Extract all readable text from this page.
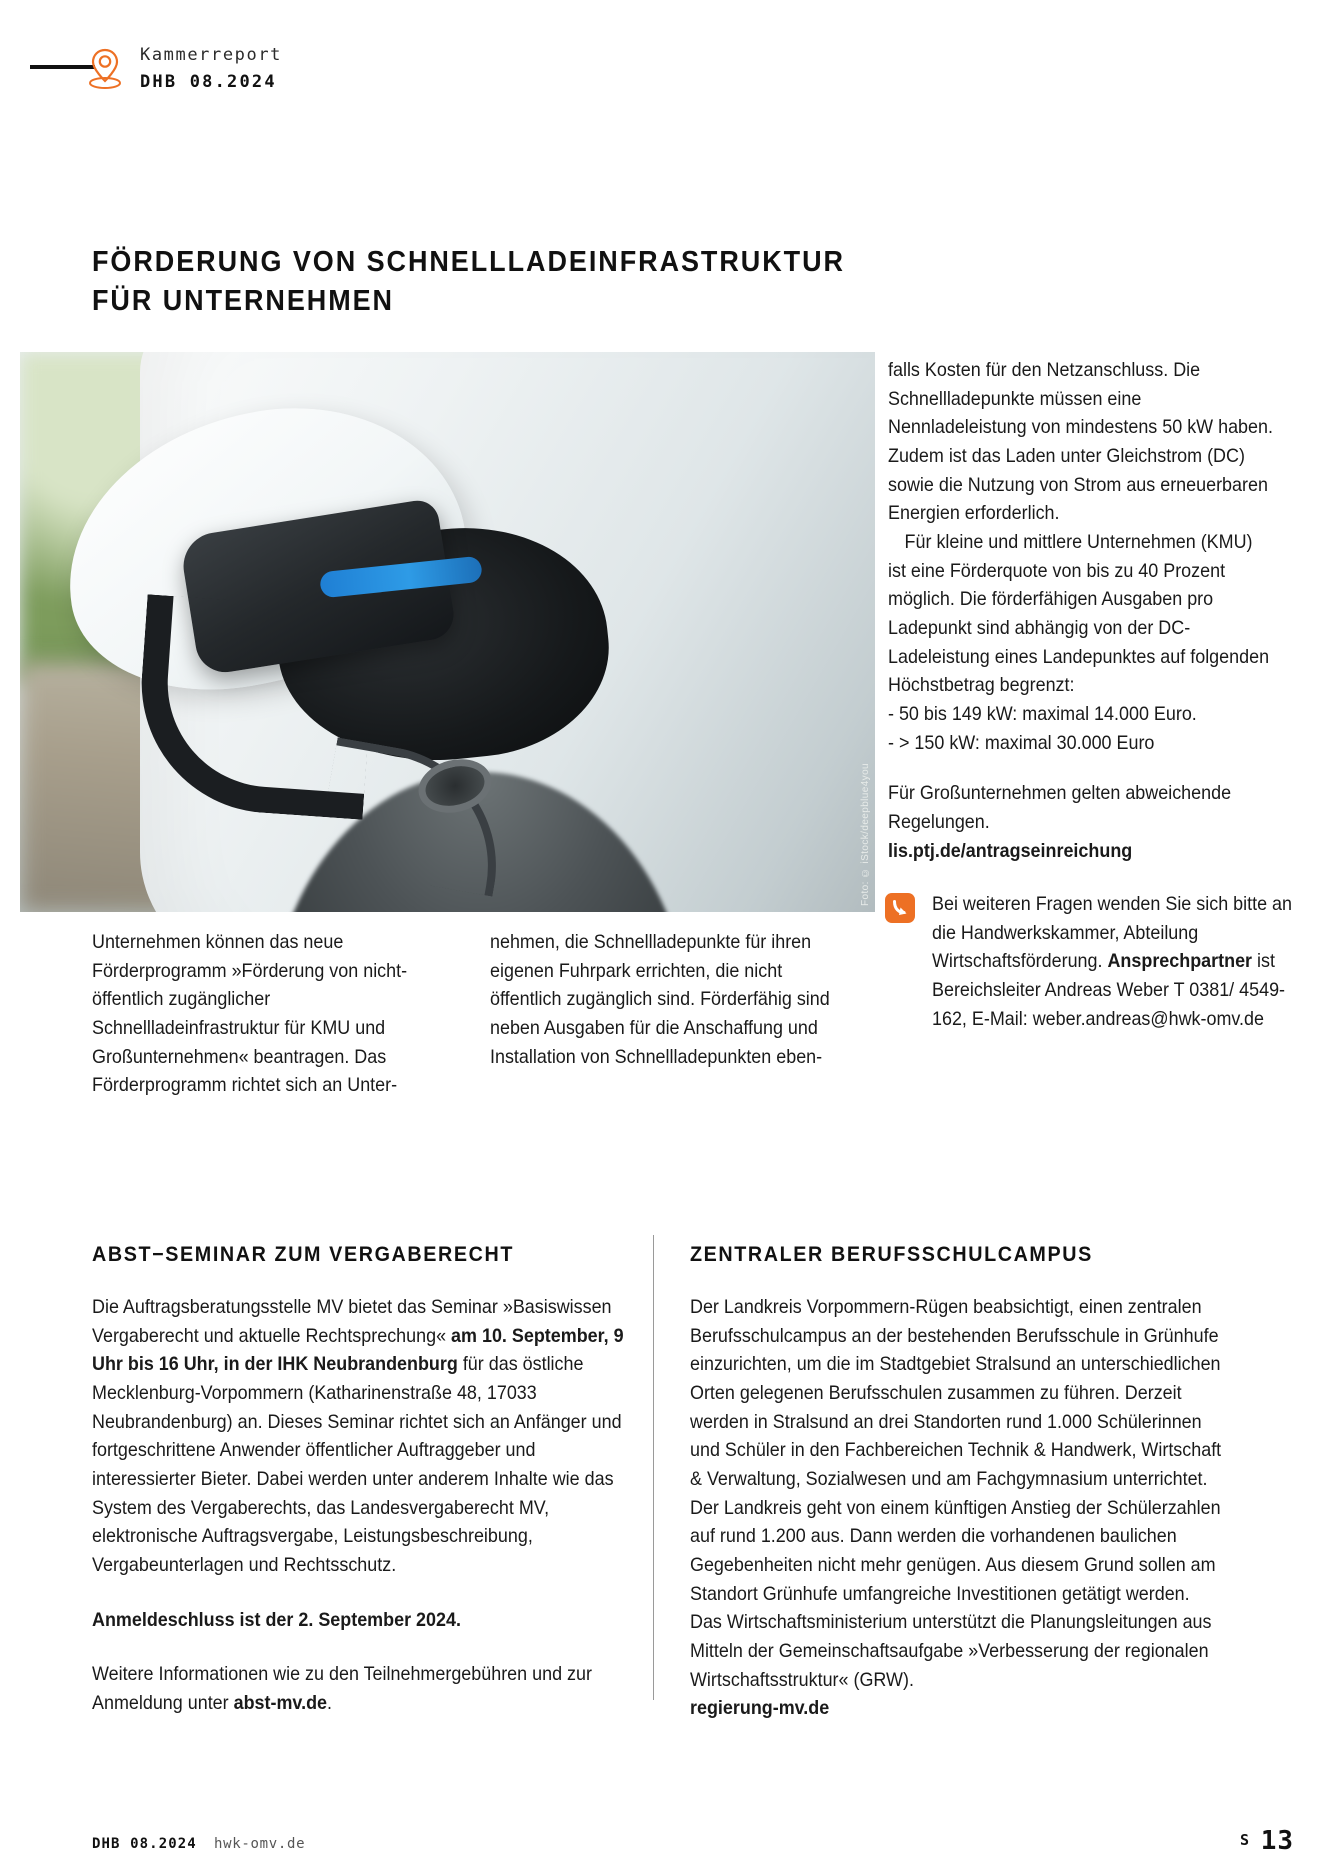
Kammerreport
DHB 08.2024
FÖRDERUNG VON SCHNELLLADEINFRASTRUKTUR
FÜR UNTERNEHMEN
Foto: © iStock/deepblue4you

falls Kosten für den Netzanschluss. Die Schnellladepunkte müssen eine Nennladeleistung von mindestens 50 kW haben. Zudem ist das Laden unter Gleichstrom (DC) sowie die Nutzung von Strom aus erneuerbaren Energien erforderlich.

Für kleine und mittlere Unternehmen (KMU) ist eine Förderquote von bis zu 40 Prozent möglich. Die förderfähigen Ausgaben pro Ladepunkt sind abhängig von der DC-Ladeleistung eines Landepunktes auf folgenden Höchstbetrag begrenzt:

- 50 bis 149 kW: maximal 14.000 Euro.

- > 150 kW: maximal 30.000 Euro

Für Großunternehmen gelten abweichende Regelungen.

lis.ptj.de/antragseinreichung

Bei weiteren Fragen wenden Sie sich bitte an die Handwerkskammer, Abteilung Wirtschaftsförderung. Ansprechpartner ist Bereichsleiter Andreas Weber T 0381/ 4549-162, E-Mail: weber.andreas@hwk-omv.de

Unternehmen können das neue Förderprogramm »Förderung von nicht-öffentlich zugänglicher Schnellladeinfrastruktur für KMU und Großunternehmen« beantragen. Das Förderprogramm richtet sich an Unter-

nehmen, die Schnellladepunkte für ihren eigenen Fuhrpark errichten, die nicht öffentlich zugänglich sind. Förderfähig sind neben Ausgaben für die Anschaffung und Installation von Schnellladepunkten eben-

ABST−SEMINAR ZUM VERGABERECHT	ZENTRALER BERUFSSCHULCAMPUS

Die Auftragsberatungsstelle MV bietet das Seminar »Basiswissen Vergaberecht und aktuelle Rechtsprechung« am 10. September, 9 Uhr bis 16 Uhr, in der IHK Neubrandenburg für das östliche Mecklenburg-Vorpommern (Katharinenstraße 48, 17033 Neubrandenburg) an. Dieses Seminar richtet sich an Anfänger und fortgeschrittene Anwender öffentlicher Auftraggeber und interessierter Bieter. Dabei werden unter anderem Inhalte wie das System des Vergaberechts, das Landesvergaberecht MV, elektronische Auftragsvergabe, Leistungsbeschreibung, Vergabeunterlagen und Rechtsschutz.

Anmeldeschluss ist der 2. September 2024.

Weitere Informationen wie zu den Teilnehmergebühren und zur Anmeldung unter abst-mv.de.

Der Landkreis Vorpommern-Rügen beabsichtigt, einen zentralen Berufsschulcampus an der bestehenden Berufsschule in Grünhufe einzurichten, um die im Stadtgebiet Stralsund an unterschiedlichen Orten gelegenen Berufsschulen zusammen zu führen. Derzeit werden in Stralsund an drei Standorten rund 1.000 Schülerinnen und Schüler in den Fachbereichen Technik & Handwerk, Wirtschaft & Verwaltung, Sozialwesen und am Fachgymnasium unterrichtet. Der Landkreis geht von einem künftigen Anstieg der Schülerzahlen auf rund 1.200 aus. Dann werden die vorhandenen baulichen Gegebenheiten nicht mehr genügen. Aus diesem Grund sollen am Standort Grünhufe umfangreiche Investitionen getätigt werden. Das Wirtschaftsministerium unterstützt die Planungsleitungen aus Mitteln der Gemeinschaftsaufgabe »Verbesserung der regionalen Wirtschaftsstruktur« (GRW).

regierung-mv.de

DHB 08.2024 hwk-omv.de	S 13
